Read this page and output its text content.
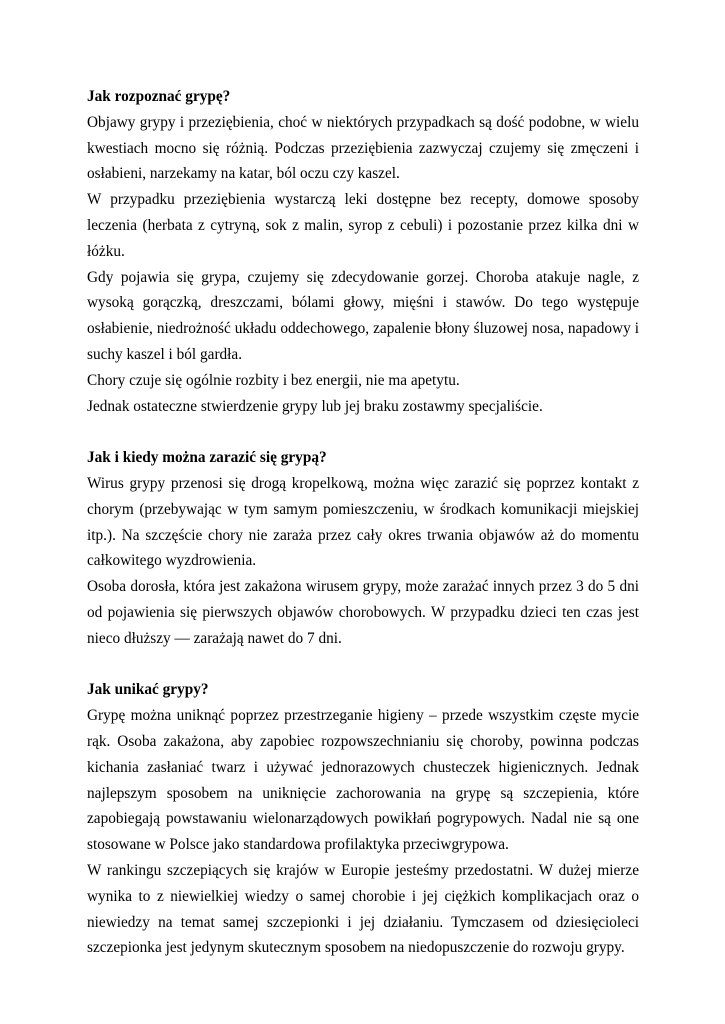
Jak rozpoznać grypę?

Objawy grypy i przeziębienia, choć w niektórych przypadkach są dość podobne, w wielu kwestiach mocno się różnią. Podczas przeziębienia zazwyczaj czujemy się zmęczeni i osłabieni, narzekamy na katar, ból oczu czy kaszel.

W przypadku przeziębienia wystarczą leki dostępne bez recepty, domowe sposoby leczenia (herbata z cytryną, sok z malin, syrop z cebuli) i pozostanie przez kilka dni w łóżku.

Gdy pojawia się grypa, czujemy się zdecydowanie gorzej. Choroba atakuje nagle, z wysoką gorączką, dreszczami, bólami głowy, mięśni i stawów. Do tego występuje osłabienie, niedrożność układu oddechowego, zapalenie błony śluzowej nosa, napadowy i suchy kaszel i ból gardła.

Chory czuje się ogólnie rozbity i bez energii, nie ma apetytu.

Jednak ostateczne stwierdzenie grypy lub jej braku zostawmy specjaliście.

Jak i kiedy można zarazić się grypą?

Wirus grypy przenosi się drogą kropelkową, można więc zarazić się poprzez kontakt z chorym (przebywając w tym samym pomieszczeniu, w środkach komunikacji miejskiej itp.). Na szczęście chory nie zaraża przez cały okres trwania objawów aż do momentu całkowitego wyzdrowienia.

Osoba dorosła, która jest zakażona wirusem grypy, może zarażać innych przez 3 do 5 dni od pojawienia się pierwszych objawów chorobowych. W przypadku dzieci ten czas jest nieco dłuższy — zarażają nawet do 7 dni.

Jak unikać grypy?

Grypę można uniknąć poprzez przestrzeganie higieny – przede wszystkim częste mycie rąk. Osoba zakażona, aby zapobiec rozpowszechnianiu się choroby, powinna podczas kichania zasłaniać twarz i używać jednorazowych chusteczek higienicznych. Jednak najlepszym sposobem na uniknięcie zachorowania na grypę są szczepienia, które zapobiegają powstawaniu wielonarządowych powikłań pogrypowych. Nadal nie są one stosowane w Polsce jako standardowa profilaktyka przeciwgrypowa.

W rankingu szczepiących się krajów w Europie jesteśmy przedostatni. W dużej mierze wynika to z niewielkiej wiedzy o samej chorobie i jej ciężkich komplikacjach oraz o niewiedzy na temat samej szczepionki i jej działaniu. Tymczasem od dziesięcioleci szczepionka jest jedynym skutecznym sposobem na niedopuszczenie do rozwoju grypy.
